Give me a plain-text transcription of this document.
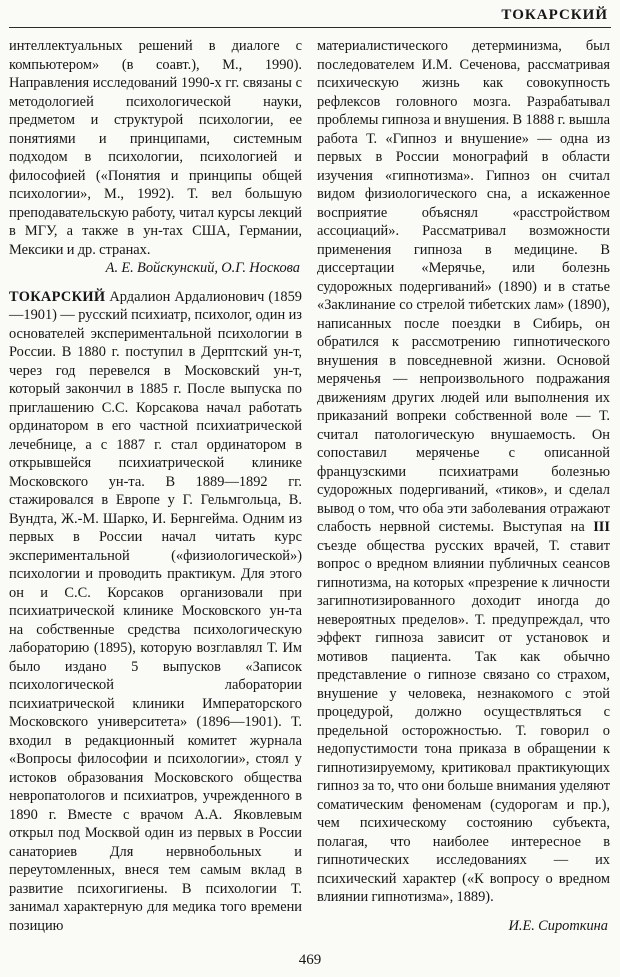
ТОКАРСКИЙ

интеллектуальных решений в диалоге с компьютером» (в соавт.), М., 1990). Направления исследований 1990-х гг. связаны с методологией психологической науки, предметом и структурой психологии, ее понятиями и принципами, системным подходом в психологии, психологией и философией («Понятия и принципы общей психологии», М., 1992). Т. вел большую преподавательскую работу, читал курсы лекций в МГУ, а также в ун-тах США, Германии, Мексики и др. странах.

А. Е. Войскунский, О.Г. Носкова

ТОКАРСКИЙ Ардалион Ардалионович (1859—1901) — русский психиатр, психолог, один из основателей экспериментальной психологии в России. В 1880 г. поступил в Дерптский ун-т, через год перевелся в Московский ун-т, который закончил в 1885 г. После выпуска по приглашению С.С. Корсакова начал работать ординатором в его частной психиатрической лечебнице, а с 1887 г. стал ординатором в открывшейся психиатрической клинике Московского ун-та. В 1889—1892 гг. стажировался в Европе у Г. Гельмгольца, В. Вундта, Ж.-М. Шарко, И. Бернгейма. Одним из первых в России начал читать курс экспериментальной («физиологической») психологии и проводить практикум. Для этого он и С.С. Корсаков организовали при психиатрической клинике Московского ун-та на собственные средства психологическую лабораторию (1895), которую возглавлял Т. Им было издано 5 выпусков «Записок психологической лаборатории психиатрической клиники Императорского Московского университета» (1896—1901). Т. входил в редакционный комитет журнала «Вопросы философии и психологии», стоял у истоков образования Московского общества невропатологов и психиатров, учрежденного в 1890 г. Вместе с врачом А.А. Яковлевым открыл под Москвой один из первых в России санаториев Для нервнобольных и переутомленных, внеся тем самым вклад в развитие психогигиены. В психологии Т. занимал характерную для медика того времени позицию

материалистического детерминизма, был последователем И.М. Сеченова, рассматривая психическую жизнь как совокупность рефлексов головного мозга. Разрабатывал проблемы гипноза и внушения. В 1888 г. вышла работа Т. «Гипноз и внушение» — одна из первых в России монографий в области изучения «гипнотизма». Гипноз он считал видом физиологического сна, а искаженное восприятие объяснял «расстройством ассоциаций». Рассматривал возможности применения гипноза в медицине. В диссертации «Мерячье, или болезнь судорожных подергиваний» (1890) и в статье «Заклинание со стрелой тибетских лам» (1890), написанных после поездки в Сибирь, он обратился к рассмотрению гипнотического внушения в повседневной жизни. Основой меряченья — непроизвольного подражания движениям других людей или выполнения их приказаний вопреки собственной воле — Т. считал патологическую внушаемость. Он сопоставил меряченье с описанной французскими психиатрами болезнью судорожных подергиваний, «тиков», и сделал вывод о том, что оба эти заболевания отражают слабость нервной системы. Выступая на III съезде общества русских врачей, Т. ставит вопрос о вредном влиянии публичных сеансов гипнотизма, на которых «презрение к личности загипнотизированного доходит иногда до невероятных пределов». Т. предупреждал, что эффект гипноза зависит от установок и мотивов пациента. Так как обычно представление о гипнозе связано со страхом, внушение у человека, незнакомого с этой процедурой, должно осуществляться с предельной осторожностью. Т. говорил о недопустимости тона приказа в обращении к гипнотизируемому, критиковал практикующих гипноз за то, что они больше внимания уделяют соматическим феноменам (судорогам и пр.), чем психическому состоянию субъекта, полагая, что наиболее интересное в гипнотических исследованиях — их психический характер («К вопросу о вредном влиянии гипнотизма», 1889).

И.Е. Сироткина

469
